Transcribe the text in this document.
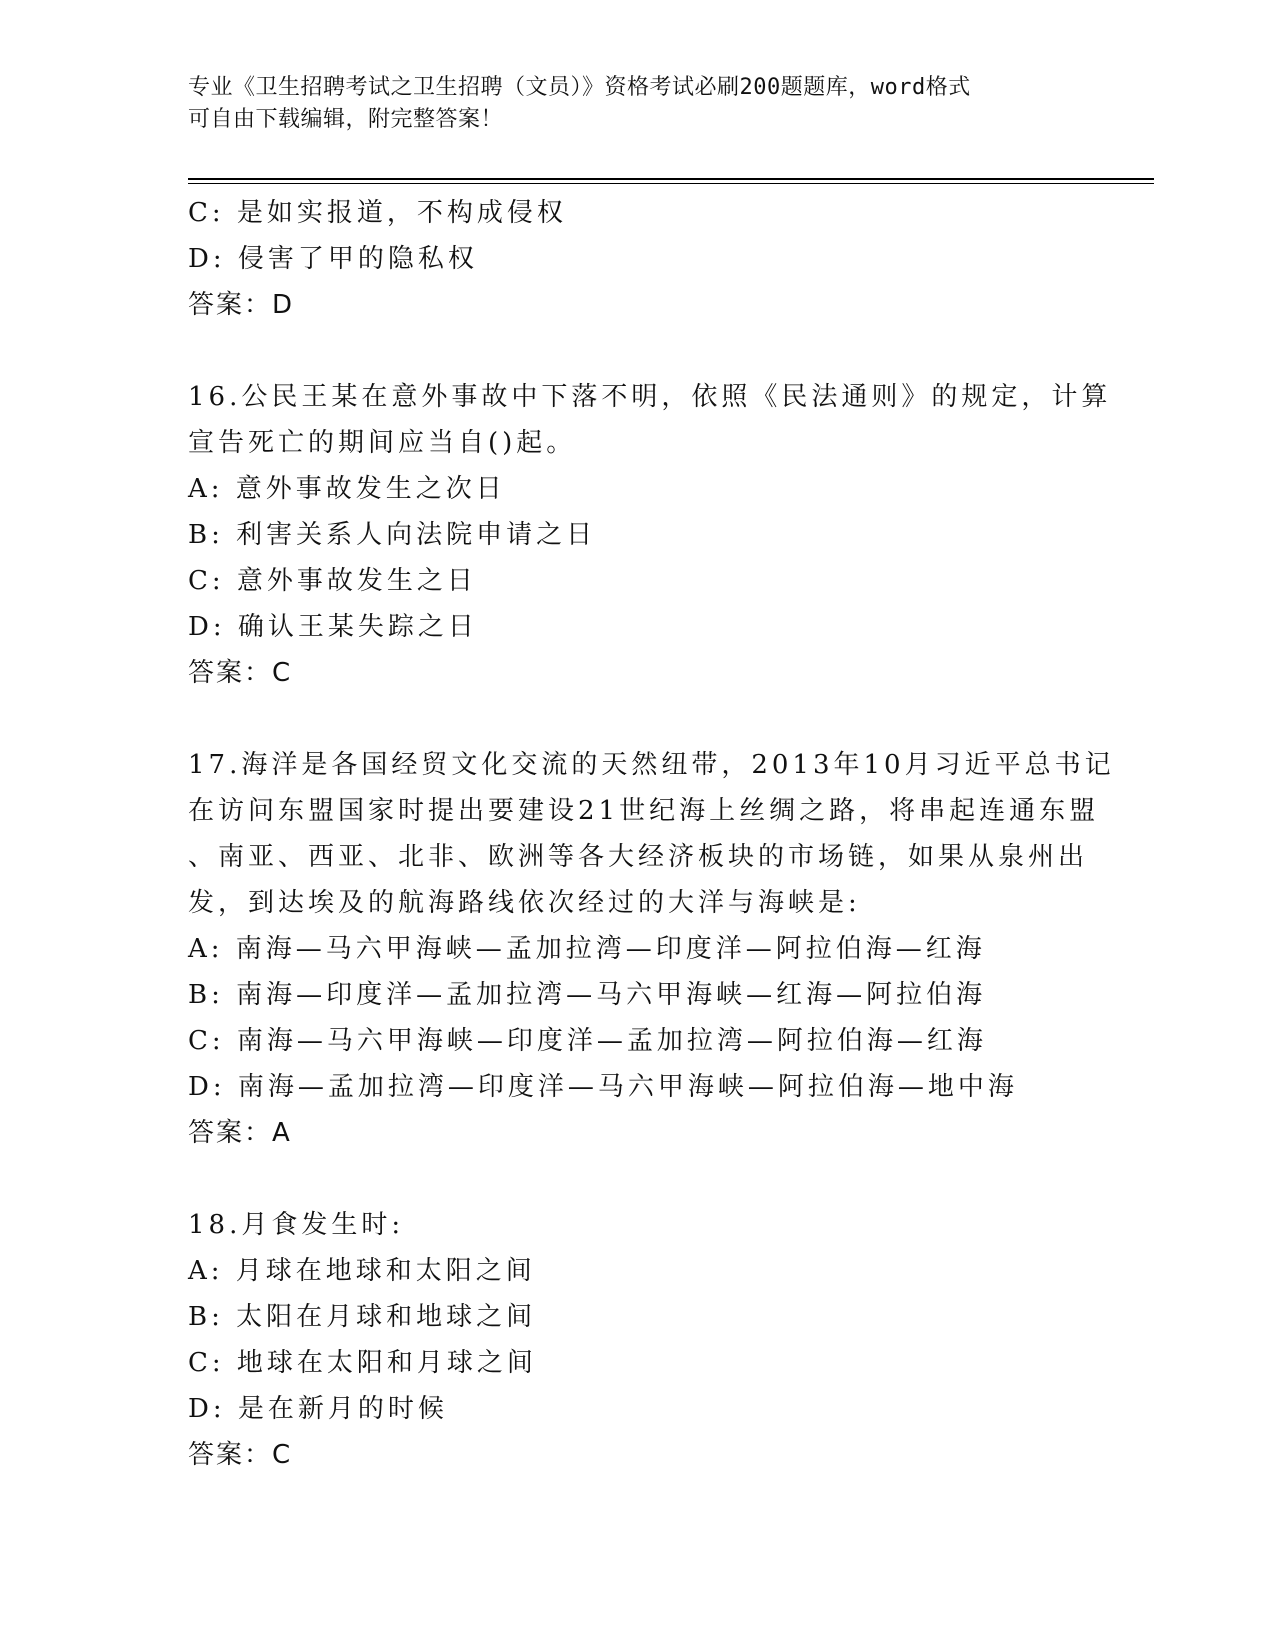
专业《卫生招聘考试之卫生招聘（文员）》资格考试必刷200题题库，word格式
可自由下载编辑，附完整答案！
C: 是如实报道，不构成侵权
D: 侵害了甲的隐私权
答案：D
16.公民王某在意外事故中下落不明，依照《民法通则》的规定，计算
宣告死亡的期间应当自()起。
A: 意外事故发生之次日
B: 利害关系人向法院申请之日
C: 意外事故发生之日
D: 确认王某失踪之日
答案：C
17.海洋是各国经贸文化交流的天然纽带，2013年10月习近平总书记
在访问东盟国家时提出要建设21世纪海上丝绸之路，将串起连通东盟
、南亚、西亚、北非、欧洲等各大经济板块的市场链，如果从泉州出
发，到达埃及的航海路线依次经过的大洋与海峡是:
A: 南海—马六甲海峡—孟加拉湾—印度洋—阿拉伯海—红海
B: 南海—印度洋—孟加拉湾—马六甲海峡—红海—阿拉伯海
C: 南海—马六甲海峡—印度洋—孟加拉湾—阿拉伯海—红海
D: 南海—孟加拉湾—印度洋—马六甲海峡—阿拉伯海—地中海
答案：A
18.月食发生时:
A: 月球在地球和太阳之间
B: 太阳在月球和地球之间
C: 地球在太阳和月球之间
D: 是在新月的时候
答案：C
